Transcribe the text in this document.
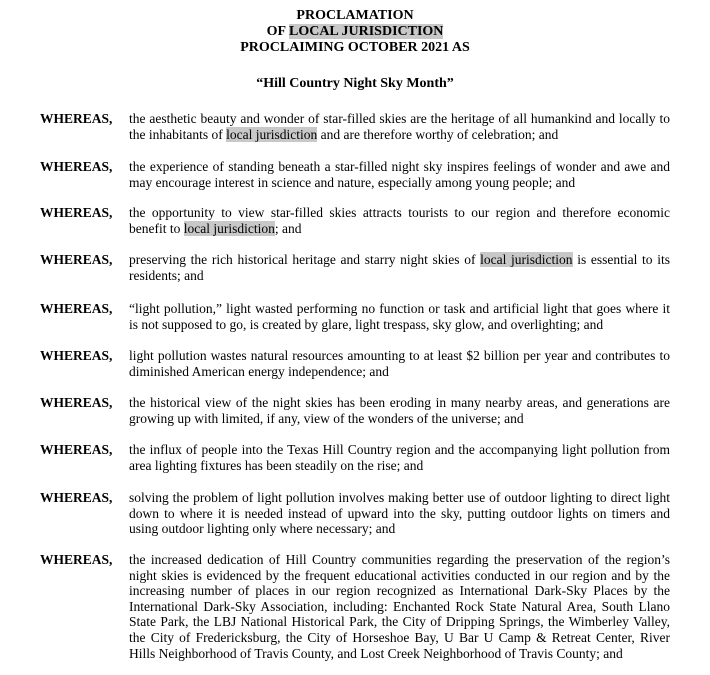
PROCLAMATION
OF LOCAL JURISDICTION
PROCLAIMING OCTOBER 2021 AS
“Hill Country Night Sky Month”
WHEREAS, the aesthetic beauty and wonder of star-filled skies are the heritage of all humankind and locally to the inhabitants of local jurisdiction and are therefore worthy of celebration; and
WHEREAS, the experience of standing beneath a star-filled night sky inspires feelings of wonder and awe and may encourage interest in science and nature, especially among young people; and
WHEREAS, the opportunity to view star-filled skies attracts tourists to our region and therefore economic benefit to local jurisdiction; and
WHEREAS, preserving the rich historical heritage and starry night skies of local jurisdiction is essential to its residents; and
WHEREAS, “light pollution,” light wasted performing no function or task and artificial light that goes where it is not supposed to go, is created by glare, light trespass, sky glow, and overlighting; and
WHEREAS, light pollution wastes natural resources amounting to at least $2 billion per year and contributes to diminished American energy independence; and
WHEREAS, the historical view of the night skies has been eroding in many nearby areas, and generations are growing up with limited, if any, view of the wonders of the universe; and
WHEREAS, the influx of people into the Texas Hill Country region and the accompanying light pollution from area lighting fixtures has been steadily on the rise; and
WHEREAS, solving the problem of light pollution involves making better use of outdoor lighting to direct light down to where it is needed instead of upward into the sky, putting outdoor lights on timers and using outdoor lighting only where necessary; and
WHEREAS, the increased dedication of Hill Country communities regarding the preservation of the region’s night skies is evidenced by the frequent educational activities conducted in our region and by the increasing number of places in our region recognized as International Dark-Sky Places by the International Dark-Sky Association, including: Enchanted Rock State Natural Area, South Llano State Park, the LBJ National Historical Park, the City of Dripping Springs, the Wimberley Valley, the City of Fredericksburg, the City of Horseshoe Bay, U Bar U Camp & Retreat Center, River Hills Neighborhood of Travis County, and Lost Creek Neighborhood of Travis County; and
